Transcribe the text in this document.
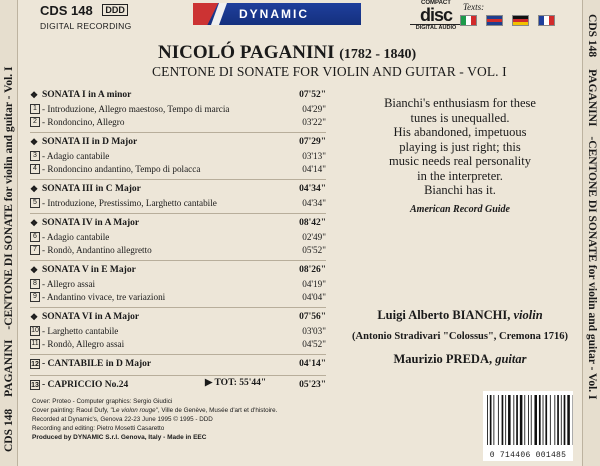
CDS 148
PAGANINI
-
CENTONE DI SONATE for violin and guitar - Vol. I
CDS 148
PAGANINI
-
CENTONE DI SONATE for violin and guitar - Vol. I
CDS 148 DDD
DIGITAL RECORDING
DYNAMIC
COMPACT
disc
DIGITAL AUDIO
Texts:
NICOLÓ PAGANINI (1782 - 1840)
CENTONE DI SONATE FOR VIOLIN AND GUITAR - VOL. I
❖ SONATA I in A minor	07'52"
1 - Introduzione, Allegro maestoso, Tempo di marcia	04'29"
2 - Rondoncino, Allegro	03'22"
❖ SONATA II in D Major	07'29"
3 - Adagio cantabile	03'13"
4 - Rondoncino andantino, Tempo di polacca	04'14"
❖ SONATA III in C Major	04'34"
5 - Introduzione, Prestissimo, Larghetto cantabile	04'34"
❖ SONATA IV in A Major	08'42"
6 - Adagio cantabile	02'49"
7 - Rondò, Andantino allegretto	05'52"
❖ SONATA V in E Major	08'26"
8 - Allegro assai	04'19"
9 - Andantino vivace, tre variazioni	04'04"
❖ SONATA VI in A Major	07'56"
10 - Larghetto cantabile	03'03"
11 - Rondò, Allegro assai	04'52"
12 - CANTABILE in D Major	04'14"
13 - CAPRICCIO No.24	05'23"
▶ TOT: 55'44"
Bianchi's enthusiasm for these
tunes is unequalled.
His abandoned, impetuous
playing is just right; this
music needs real personality
in the interpreter.
Bianchi has it.
American Record Guide
Luigi Alberto BIANCHI, violin
(Antonio Stradivari "Colossus", Cremona 1716)
Maurizio PREDA, guitar
Cover: Proteo - Computer graphics: Sergio Giudici
Cover painting: Raoul Dufy, "Le violon rouge", Ville de Genève, Musée d'art et d'histoire.
Recorded at Dynamic's, Genova 22-23 June 1995 © 1995 - DDD
Recording and editing: Pietro Mosetti Casaretto
Produced by DYNAMIC S.r.l. Genova, Italy - Made in EEC
0 714406 001485
